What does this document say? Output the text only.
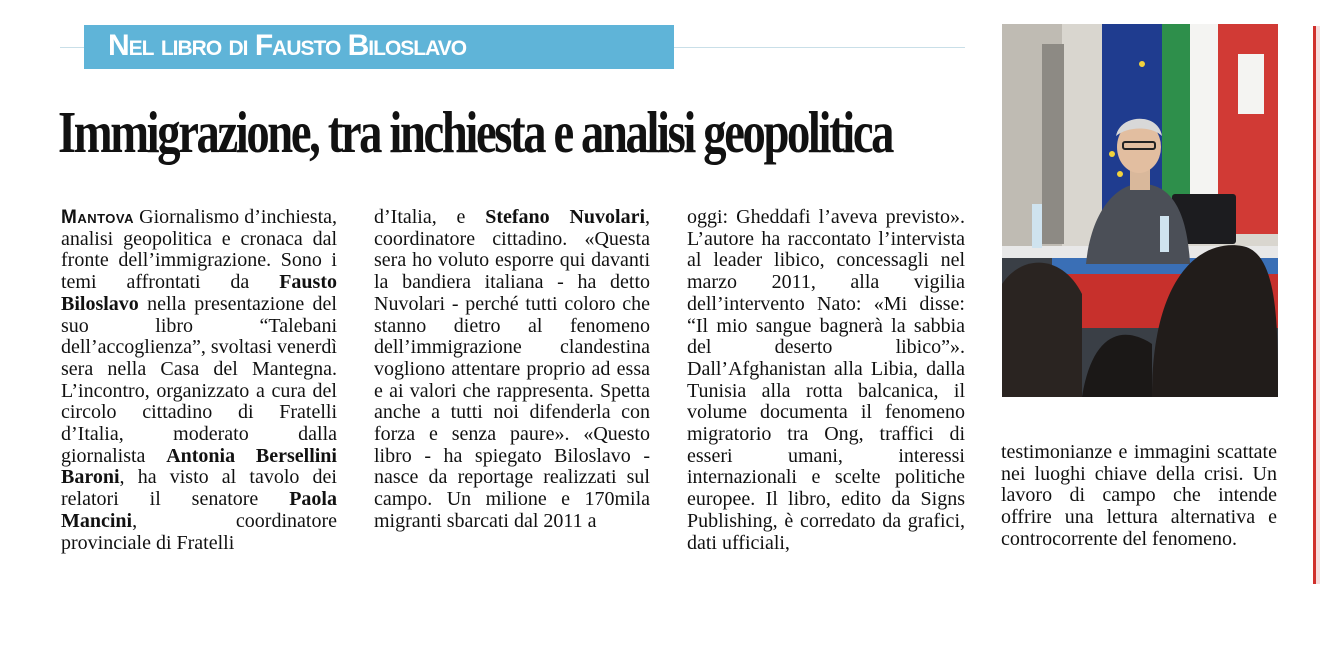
Nel libro di Fausto Biloslavo
Immigrazione, tra inchiesta e analisi geopolitica
Mantova Giornalismo d’inchiesta, analisi geopolitica e cronaca dal fronte dell’immigrazione. Sono i temi affrontati da Fausto Biloslavo nella presentazione del suo libro “Talebani dell’accoglienza”, svoltasi venerdì sera nella Casa del Mantegna. L’incontro, organizzato a cura del circolo cittadino di Fratelli d’Italia, moderato dalla giornalista Antonia Bersellini Baroni, ha visto al tavolo dei relatori il senatore Paola Mancini, coordinatore provinciale di Fratelli
d’Italia, e Stefano Nuvolari, coordinatore cittadino. «Questa sera ho voluto esporre qui davanti la bandiera italiana - ha detto Nuvolari - perché tutti coloro che stanno dietro al fenomeno dell’immigrazione clandestina vogliono attentare proprio ad essa e ai valori che rappresenta. Spetta anche a tutti noi difenderla con forza e senza paure». «Questo libro - ha spiegato Biloslavo - nasce da reportage realizzati sul campo. Un milione e 170mila migranti sbarcati dal 2011 a
oggi: Gheddafi l’aveva previsto». L’autore ha raccontato l’intervista al leader libico, concessagli nel marzo 2011, alla vigilia dell’intervento Nato: «Mi disse: “Il mio sangue bagnerà la sabbia del deserto libico”». Dall’Afghanistan alla Libia, dalla Tunisia alla rotta balcanica, il volume documenta il fenomeno migratorio tra Ong, traffici di esseri umani, interessi internazionali e scelte politiche europee. Il libro, edito da Signs Publishing, è corredato da grafici, dati ufficiali,
testimonianze e immagini scattate nei luoghi chiave della crisi. Un lavoro di campo che intende offrire una lettura alternativa e controcorrente del fenomeno.
